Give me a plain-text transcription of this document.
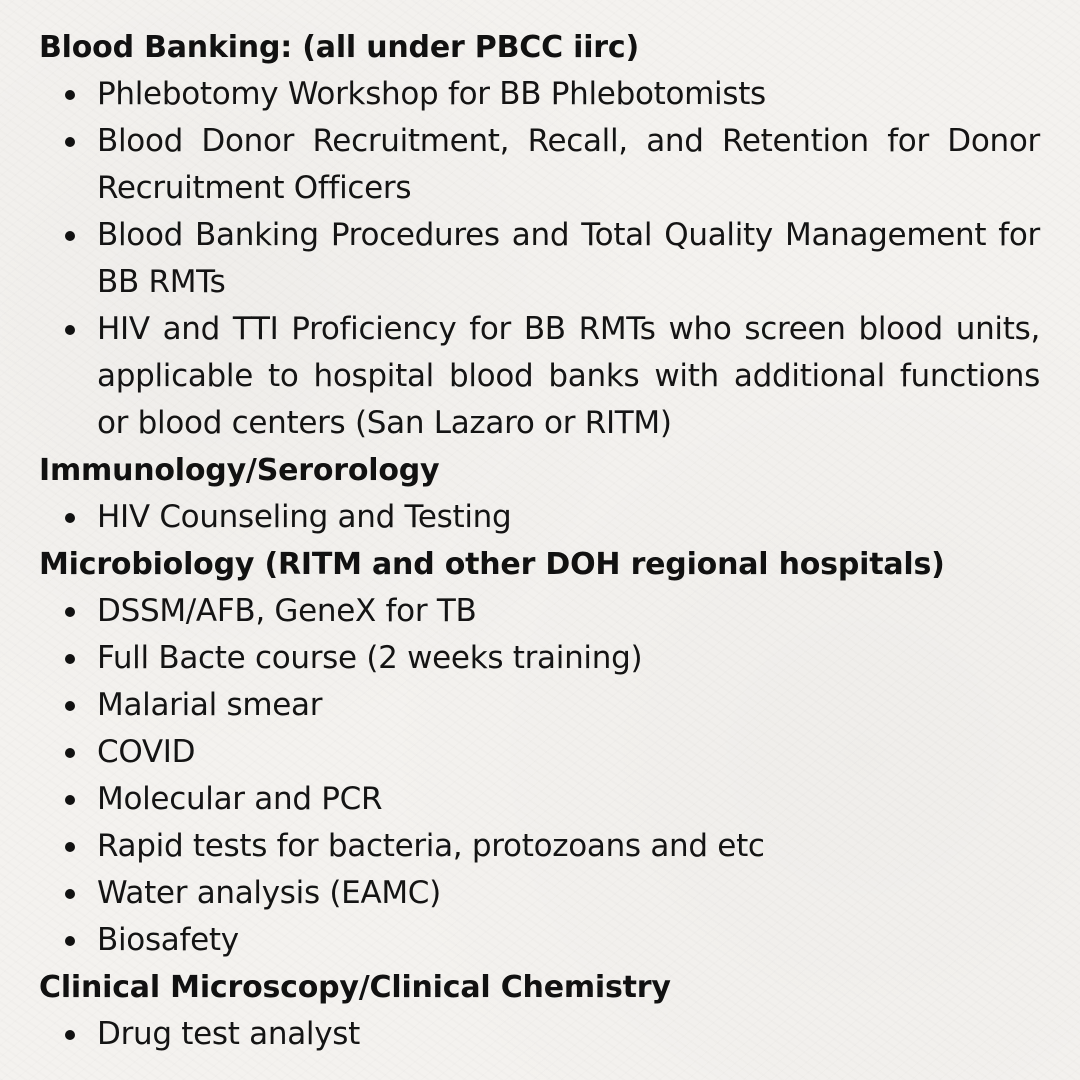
Blood Banking: (all under PBCC iirc)
Phlebotomy Workshop for BB Phlebotomists
Blood Donor Recruitment, Recall, and Retention for Donor Recruitment Officers
Blood Banking Procedures and Total Quality Management for BB RMTs
HIV and TTI Proficiency for BB RMTs who screen blood units, applicable to hospital blood banks with additional functions or blood centers (San Lazaro or RITM)
Immunology/Serorology
HIV Counseling and Testing
Microbiology (RITM and other DOH regional hospitals)
DSSM/AFB, GeneX for TB
Full Bacte course (2 weeks training)
Malarial smear
COVID
Molecular and PCR
Rapid tests for bacteria, protozoans and etc
Water analysis (EAMC)
Biosafety
Clinical Microscopy/Clinical Chemistry
Drug test analyst
